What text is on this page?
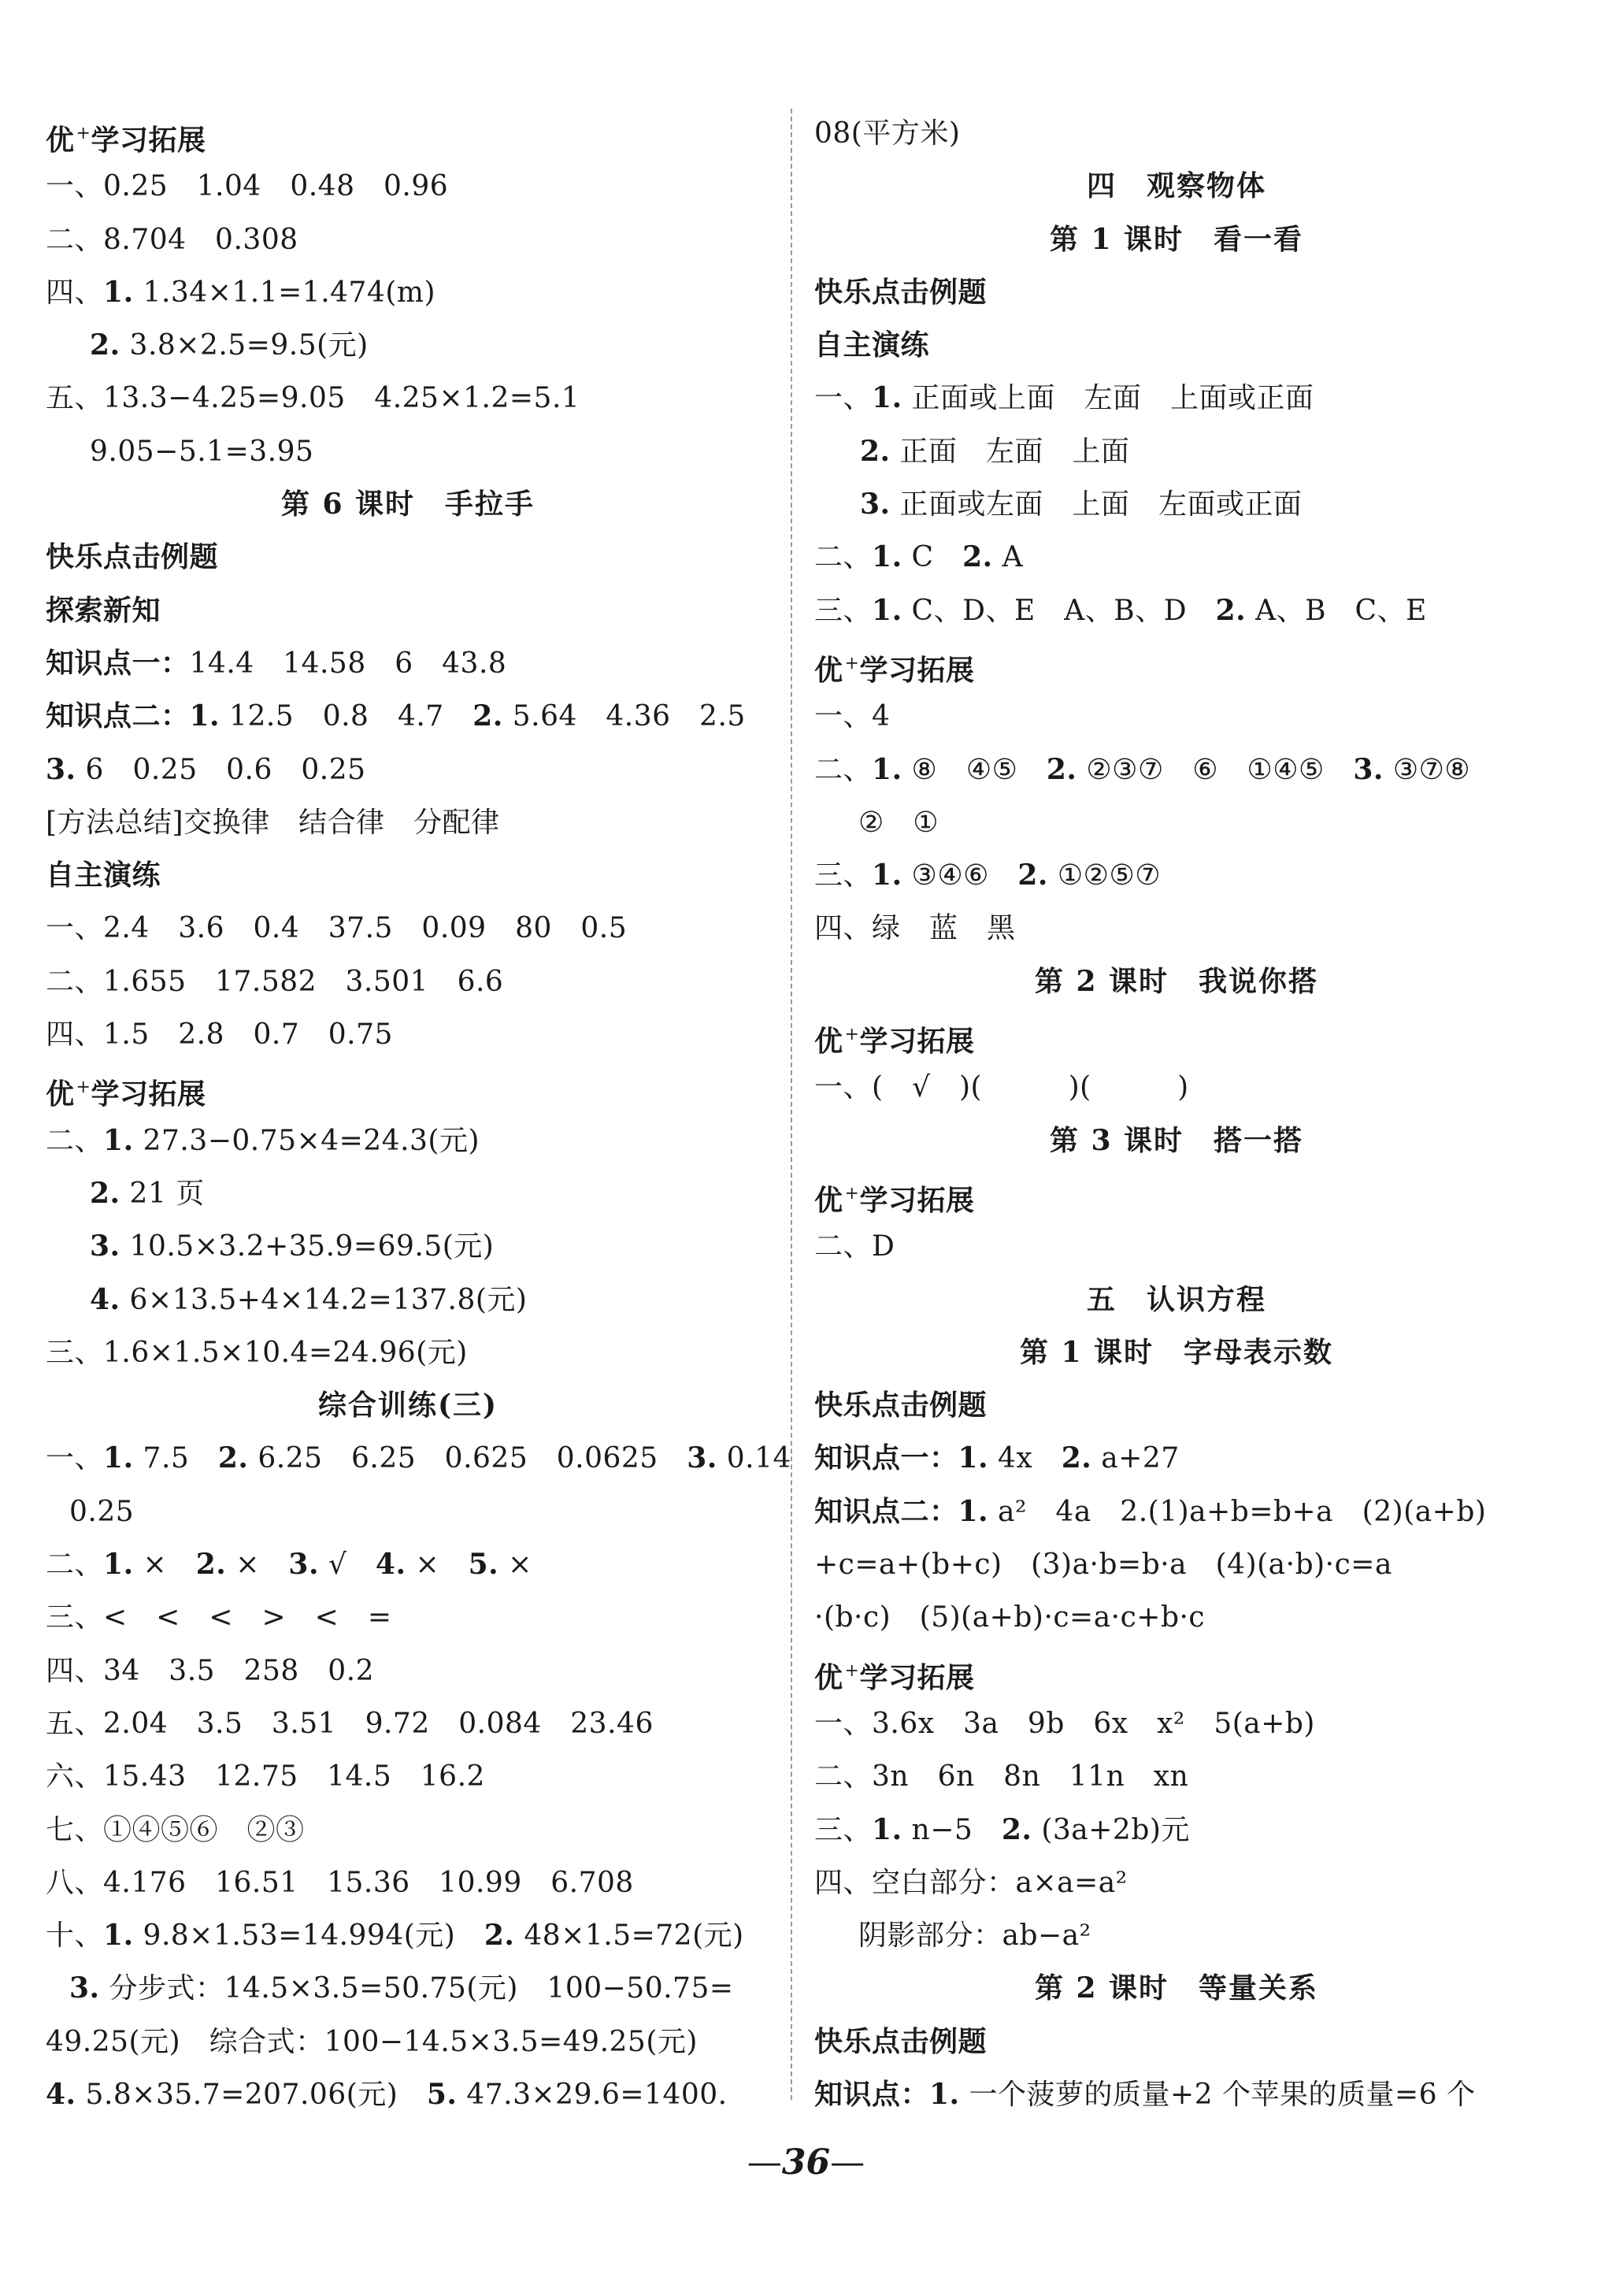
优+学习拓展
一、0.25　1.04　0.48　0.96
二、8.704　0.308
四、1. 1.34×1.1=1.474(m)
2. 3.8×2.5=9.5(元)
五、13.3−4.25=9.05　4.25×1.2=5.1
9.05−5.1=3.95
第 6 课时　手拉手
快乐点击例题
探索新知
知识点一：14.4　14.58　6　43.8
知识点二：1. 12.5　0.8　4.7　2. 5.64　4.36　2.5
3. 6　0.25　0.6　0.25
[方法总结]交换律　结合律　分配律
自主演练
一、2.4　3.6　0.4　37.5　0.09　80　0.5
二、1.655　17.582　3.501　6.6
四、1.5　2.8　0.7　0.75
优+学习拓展
二、1. 27.3−0.75×4=24.3(元)
2. 21 页
3. 10.5×3.2+35.9=69.5(元)
4. 6×13.5+4×14.2=137.8(元)
三、1.6×1.5×10.4=24.96(元)
综合训练(三)
一、1. 7.5　2. 6.25　6.25　0.625　0.0625　3. 0.14
0.25
二、1. ×　2. ×　3. √　4. ×　5. ×
三、<　<　<　>　<　=
四、34　3.5　258　0.2
五、2.04　3.5　3.51　9.72　0.084　23.46
六、15.43　12.75　14.5　16.2
七、①④⑤⑥　②③
八、4.176　16.51　15.36　10.99　6.708
十、1. 9.8×1.53=14.994(元)　2. 48×1.5=72(元)
3. 分步式：14.5×3.5=50.75(元)　100−50.75=
49.25(元)　综合式：100−14.5×3.5=49.25(元)
4. 5.8×35.7=207.06(元)　5. 47.3×29.6=1400.
08(平方米)
四　观察物体
第 1 课时　看一看
快乐点击例题
自主演练
一、1. 正面或上面　左面　上面或正面
2. 正面　左面　上面
3. 正面或左面　上面　左面或正面
二、1. C　2. A
三、1. C、D、E　A、B、D　2. A、B　C、E
优+学习拓展
一、4
二、1. ⑧　④⑤　2. ②③⑦　⑥　①④⑤　3. ③⑦⑧
②　①
三、1. ③④⑥　2. ①②⑤⑦
四、绿　蓝　黑
第 2 课时　我说你搭
优+学习拓展
一、(　√　)(　　　)(　　　)
第 3 课时　搭一搭
优+学习拓展
二、D
五　认识方程
第 1 课时　字母表示数
快乐点击例题
知识点一：1. 4x　2. a+27
知识点二：1. a²　4a　2.(1)a+b=b+a　(2)(a+b)
+c=a+(b+c)　(3)a·b=b·a　(4)(a·b)·c=a
·(b·c)　(5)(a+b)·c=a·c+b·c
优+学习拓展
一、3.6x　3a　9b　6x　x²　5(a+b)
二、3n　6n　8n　11n　xn
三、1. n−5　2. (3a+2b)元
四、空白部分：a×a=a²
阴影部分：ab−a²
第 2 课时　等量关系
快乐点击例题
知识点：1. 一个菠萝的质量+2 个苹果的质量=6 个
—36—
